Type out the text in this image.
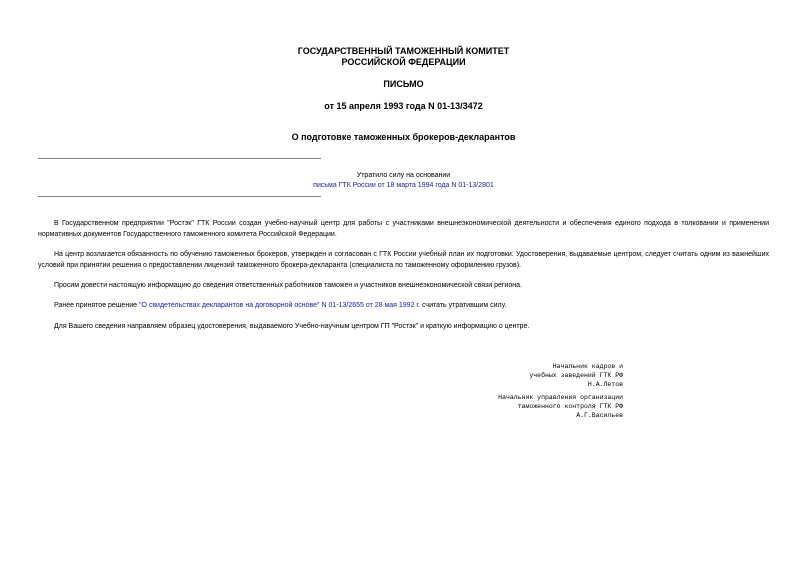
ГОСУДАРСТВЕННЫЙ ТАМОЖЕННЫЙ КОМИТЕТ
РОССИЙСКОЙ ФЕДЕРАЦИИ
ПИСЬМО
от 15 апреля 1993 года N 01-13/3472
О подготовке таможенных брокеров-декларантов
Утратило силу на основании
письма ГТК России от 18 марта 1994 года N 01-13/2801

В Государственном предприятии "Ростэк" ГТК России создан учебно-научный центр для работы с участниками внешнеэкономической деятельности и обеспечения единого подхода в толковании и применении нормативных документов Государственного таможенного комитета Российской Федерации.

На центр возлагается обязанность по обучению таможенных брокеров, утвержден и согласован с ГТК России учебный план их подготовки. Удостоверения, выдаваемые центром, следует считать одним из важнейших условий при принятии решения о предоставлении лицензий таможенного брокера-декларанта (специалиста по таможенному оформлению грузов).

Просим довести настоящую информацию до сведения ответственных работников таможен и участников внешнеэкономической связи региона.

Ранее принятое решение "О свидетельствах декларантов на договорной основе" N 01-13/2655 от 28 мая 1992 г. считать утратившим силу.

Для Вашего сведения направляем образец удостоверения, выдаваемого Учебно-научным центром ГП "Ростэк" и краткую информацию о центре.

Начальник кадров и
учебных заведений ГТК РФ
Н.А.Летов
Начальник управления организации
таможенного контроля ГТК РФ
А.Г.Васильев
